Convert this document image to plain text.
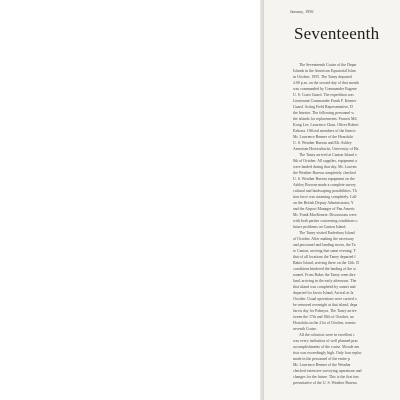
January, 1956
Seventeenth
The Seventeenth Cruise of the Depar
Islands in the American Equatorial Islan
in October, 1955. The Taney departed
2:00 p.m. on the second day of that month
was commanded by Commander Eugene
U. S. Coast Guard. The expedition was
Lieutenant Commander Frank F. Kenner
Guard. Acting Field Representative, D
the Interior. The following personnel w
the islands for replacements: Francis Mil
Kong Lee, Lawrence Chun, Oliver Robert
Kekona. Official members of the Interio
Mr. Lawrence Benner of the Honolulu
U. S. Weather Bureau and Mr. Ashley
American Horticulturist, University of Ha
The Taney arrived at Canton Island o
8th of October. All supplies, equipment a
were landed during that day. Mr. Lawren
the Weather Bureau completely checked
U. S. Weather Bureau equipment on the
Ashley Browne made a complete survey
cultural and landscaping possibilities. Th
tion force was steaming completely. Call
on the British Deputy Administrator, Y
and the Airport Manager of Pan Americ
Mr. Frank MacKenzie. Discussions were
with both parties concerning conditions o
future problems on Canton Island.
The Taney visited Enderbury Island
of October. After making the necessary
and personnel and landing stores, the Ta
to Canton, arriving that same evening. T
that of all locations the Taney departed f
Baker Island, arriving there on the 12th. D
conditions hindered the landing of the st
sonnel. From Baker the Taney went dire
land, arriving in the early afternoon. The
that island was completed by sunset and
departed for Jarvis Island, Arrival at Ja
October. Usual operations were carried o
be removed overnight at that island, depa
Jarvis day for Palmyra. The Taney arrive
tween the 17th and 18th of October, an
Honolulu on the 21st of October, termin
seventh Cruise.
All the colonists were in excellent c
was every indication of well planned prac
accomplishments of the cruise. Morale am
tists was exceedingly high. Only four replac
made in the personnel of the entire p
Mr. Lawrence Benner of the Weather
checked extensive surveying operations and
changes for the future. This is the first tim
presentative of the U. S. Weather Bureau
